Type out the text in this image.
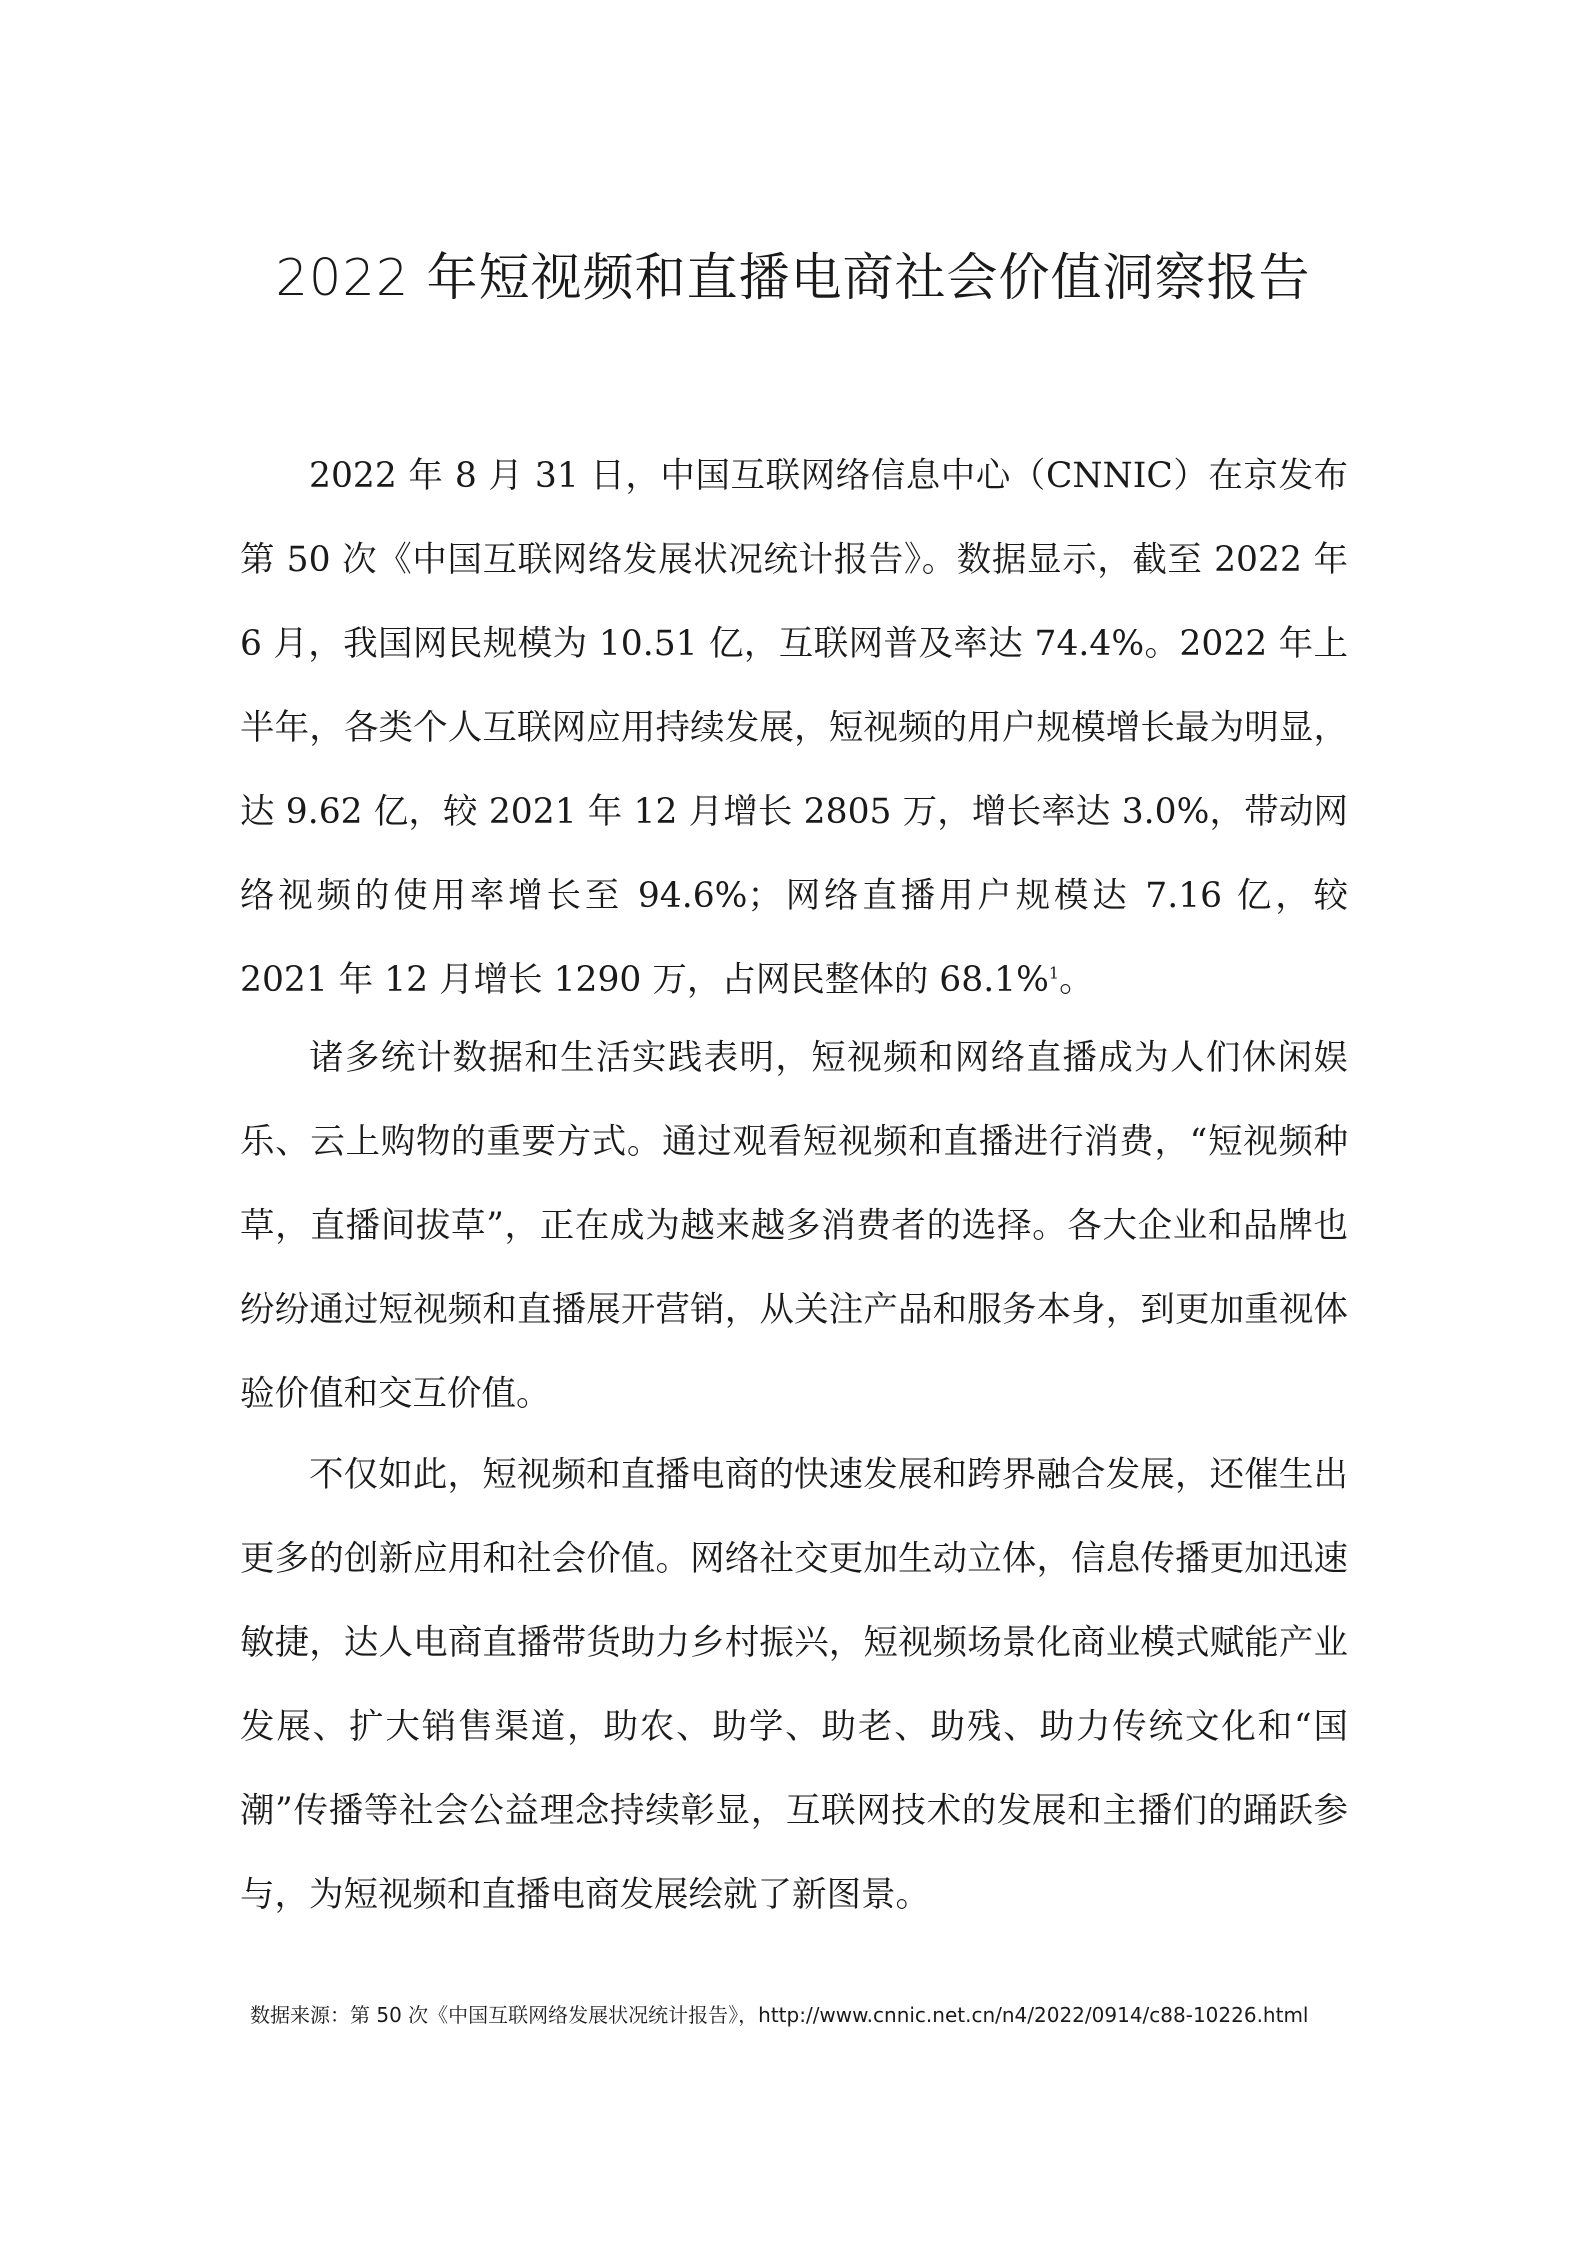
2022 年短视频和直播电商社会价值洞察报告

2022 年 8 月 31 日，中国互联网络信息中心（CNNIC）在京发布第 50 次《中国互联网络发展状况统计报告》。数据显示，截至 2022 年 6 月，我国网民规模为 10.51 亿，互联网普及率达 74.4%。2022 年上半年，各类个人互联网应用持续发展，短视频的用户规模增长最为明显，达 9.62 亿，较 2021 年 12 月增长 2805 万，增长率达 3.0%，带动网络视频的使用率增长至 94.6%；网络直播用户规模达 7.16 亿，较 2021 年 12 月增长 1290 万，占网民整体的 68.1%$^1$。

诸多统计数据和生活实践表明，短视频和网络直播成为人们休闲娱乐、云上购物的重要方式。通过观看短视频和直播进行消费，“短视频种草，直播间拔草”，正在成为越来越多消费者的选择。各大企业和品牌也纷纷通过短视频和直播展开营销，从关注产品和服务本身，到更加重视体验价值和交互价值。

不仅如此，短视频和直播电商的快速发展和跨界融合发展，还催生出更多的创新应用和社会价值。网络社交更加生动立体，信息传播更加迅速敏捷，达人电商直播带货助力乡村振兴，短视频场景化商业模式赋能产业发展、扩大销售渠道，助农、助学、助老、助残、助力传统文化和“国潮”传播等社会公益理念持续彰显，互联网技术的发展和主播们的踊跃参与，为短视频和直播电商发展绘就了新图景。

数据来源：第 50 次《中国互联网络发展状况统计报告》，http://www.cnnic.net.cn/n4/2022/0914/c88-10226.html
